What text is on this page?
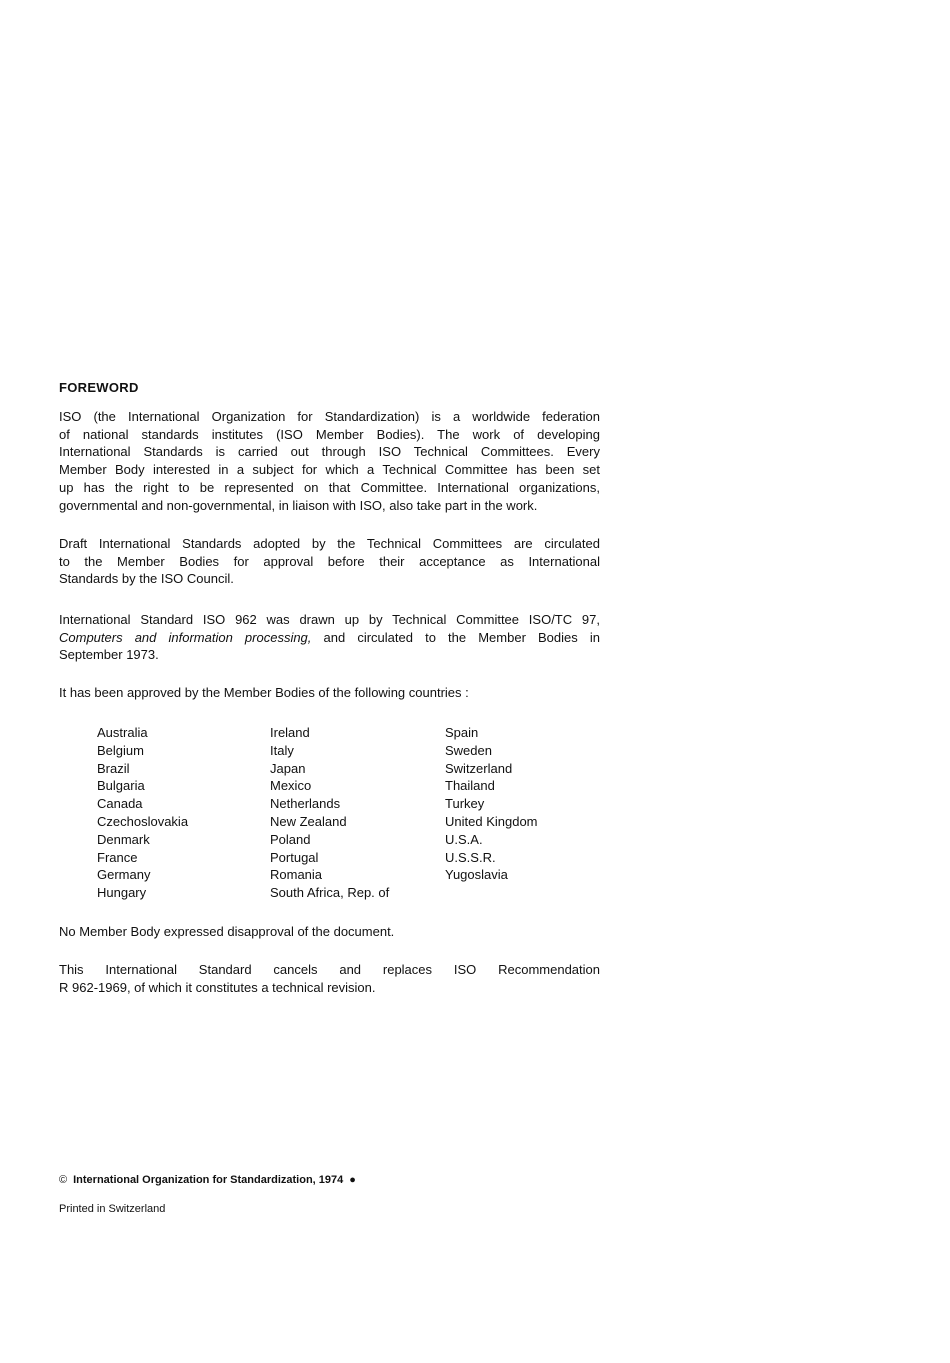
FOREWORD
ISO (the International Organization for Standardization) is a worldwide federation
of national standards institutes (ISO Member Bodies). The work of developing
International Standards is carried out through ISO Technical Committees. Every
Member Body interested in a subject for which a Technical Committee has been set
up has the right to be represented on that Committee. International organizations,
governmental and non-governmental, in liaison with ISO, also take part in the work.
Draft International Standards adopted by the Technical Committees are circulated
to the Member Bodies for approval before their acceptance as International
Standards by the ISO Council.
International Standard ISO 962 was drawn up by Technical Committee ISO/TC 97,
Computers and information processing, and circulated to the Member Bodies in
September 1973.
It has been approved by the Member Bodies of the following countries :
Australia
Belgium
Brazil
Bulgaria
Canada
Czechoslovakia
Denmark
France
Germany
Hungary
Ireland
Italy
Japan
Mexico
Netherlands
New Zealand
Poland
Portugal
Romania
South Africa, Rep. of
Spain
Sweden
Switzerland
Thailand
Turkey
United Kingdom
U.S.A.
U.S.S.R.
Yugoslavia
No Member Body expressed disapproval of the document.
This International Standard cancels and replaces ISO Recommendation
R 962-1969, of which it constitutes a technical revision.
© International Organization for Standardization, 1974 ●
Printed in Switzerland
